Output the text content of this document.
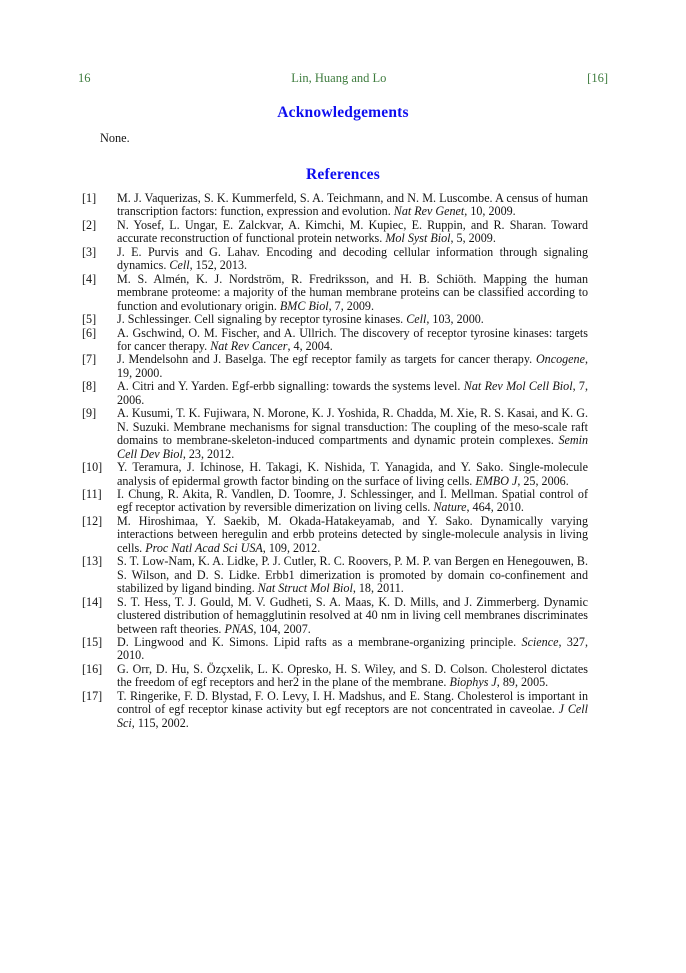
16	Lin, Huang and Lo	[16]
Acknowledgements

None.

References
[1] M. J. Vaquerizas, S. K. Kummerfeld, S. A. Teichmann, and N. M. Luscombe. A census of human transcription factors: function, expression and evolution. Nat Rev Genet, 10, 2009.
[2] N. Yosef, L. Ungar, E. Zalckvar, A. Kimchi, M. Kupiec, E. Ruppin, and R. Sharan. Toward accurate reconstruction of functional protein networks. Mol Syst Biol, 5, 2009.
[3] J. E. Purvis and G. Lahav. Encoding and decoding cellular information through signaling dynamics. Cell, 152, 2013.
[4] M. S. Almén, K. J. Nordström, R. Fredriksson, and H. B. Schiöth. Mapping the human membrane proteome: a majority of the human membrane proteins can be classified according to function and evolutionary origin. BMC Biol, 7, 2009.
[5] J. Schlessinger. Cell signaling by receptor tyrosine kinases. Cell, 103, 2000.
[6] A. Gschwind, O. M. Fischer, and A. Ullrich. The discovery of receptor tyrosine kinases: targets for cancer therapy. Nat Rev Cancer, 4, 2004.
[7] J. Mendelsohn and J. Baselga. The egf receptor family as targets for cancer therapy. Oncogene, 19, 2000.
[8] A. Citri and Y. Yarden. Egf-erbb signalling: towards the systems level. Nat Rev Mol Cell Biol, 7, 2006.
[9] A. Kusumi, T. K. Fujiwara, N. Morone, K. J. Yoshida, R. Chadda, M. Xie, R. S. Kasai, and K. G. N. Suzuki. Membrane mechanisms for signal transduction: The coupling of the meso-scale raft domains to membrane-skeleton-induced compartments and dynamic protein complexes. Semin Cell Dev Biol, 23, 2012.
[10] Y. Teramura, J. Ichinose, H. Takagi, K. Nishida, T. Yanagida, and Y. Sako. Single-molecule analysis of epidermal growth factor binding on the surface of living cells. EMBO J, 25, 2006.
[11] I. Chung, R. Akita, R. Vandlen, D. Toomre, J. Schlessinger, and I. Mellman. Spatial control of egf receptor activation by reversible dimerization on living cells. Nature, 464, 2010.
[12] M. Hiroshimaa, Y. Saekib, M. Okada-Hatakeyamab, and Y. Sako. Dynamically varying interactions between heregulin and erbb proteins detected by single-molecule analysis in living cells. Proc Natl Acad Sci USA, 109, 2012.
[13] S. T. Low-Nam, K. A. Lidke, P. J. Cutler, R. C. Roovers, P. M. P. van Bergen en Henegouwen, B. S. Wilson, and D. S. Lidke. Erbb1 dimerization is promoted by domain co-confinement and stabilized by ligand binding. Nat Struct Mol Biol, 18, 2011.
[14] S. T. Hess, T. J. Gould, M. V. Gudheti, S. A. Maas, K. D. Mills, and J. Zimmerberg. Dynamic clustered distribution of hemagglutinin resolved at 40 nm in living cell membranes discriminates between raft theories. PNAS, 104, 2007.
[15] D. Lingwood and K. Simons. Lipid rafts as a membrane-organizing principle. Science, 327, 2010.
[16] G. Orr, D. Hu, S. Özçxelik, L. K. Opresko, H. S. Wiley, and S. D. Colson. Cholesterol dictates the freedom of egf receptors and her2 in the plane of the membrane. Biophys J, 89, 2005.
[17] T. Ringerike, F. D. Blystad, F. O. Levy, I. H. Madshus, and E. Stang. Cholesterol is important in control of egf receptor kinase activity but egf receptors are not concentrated in caveolae. J Cell Sci, 115, 2002.
